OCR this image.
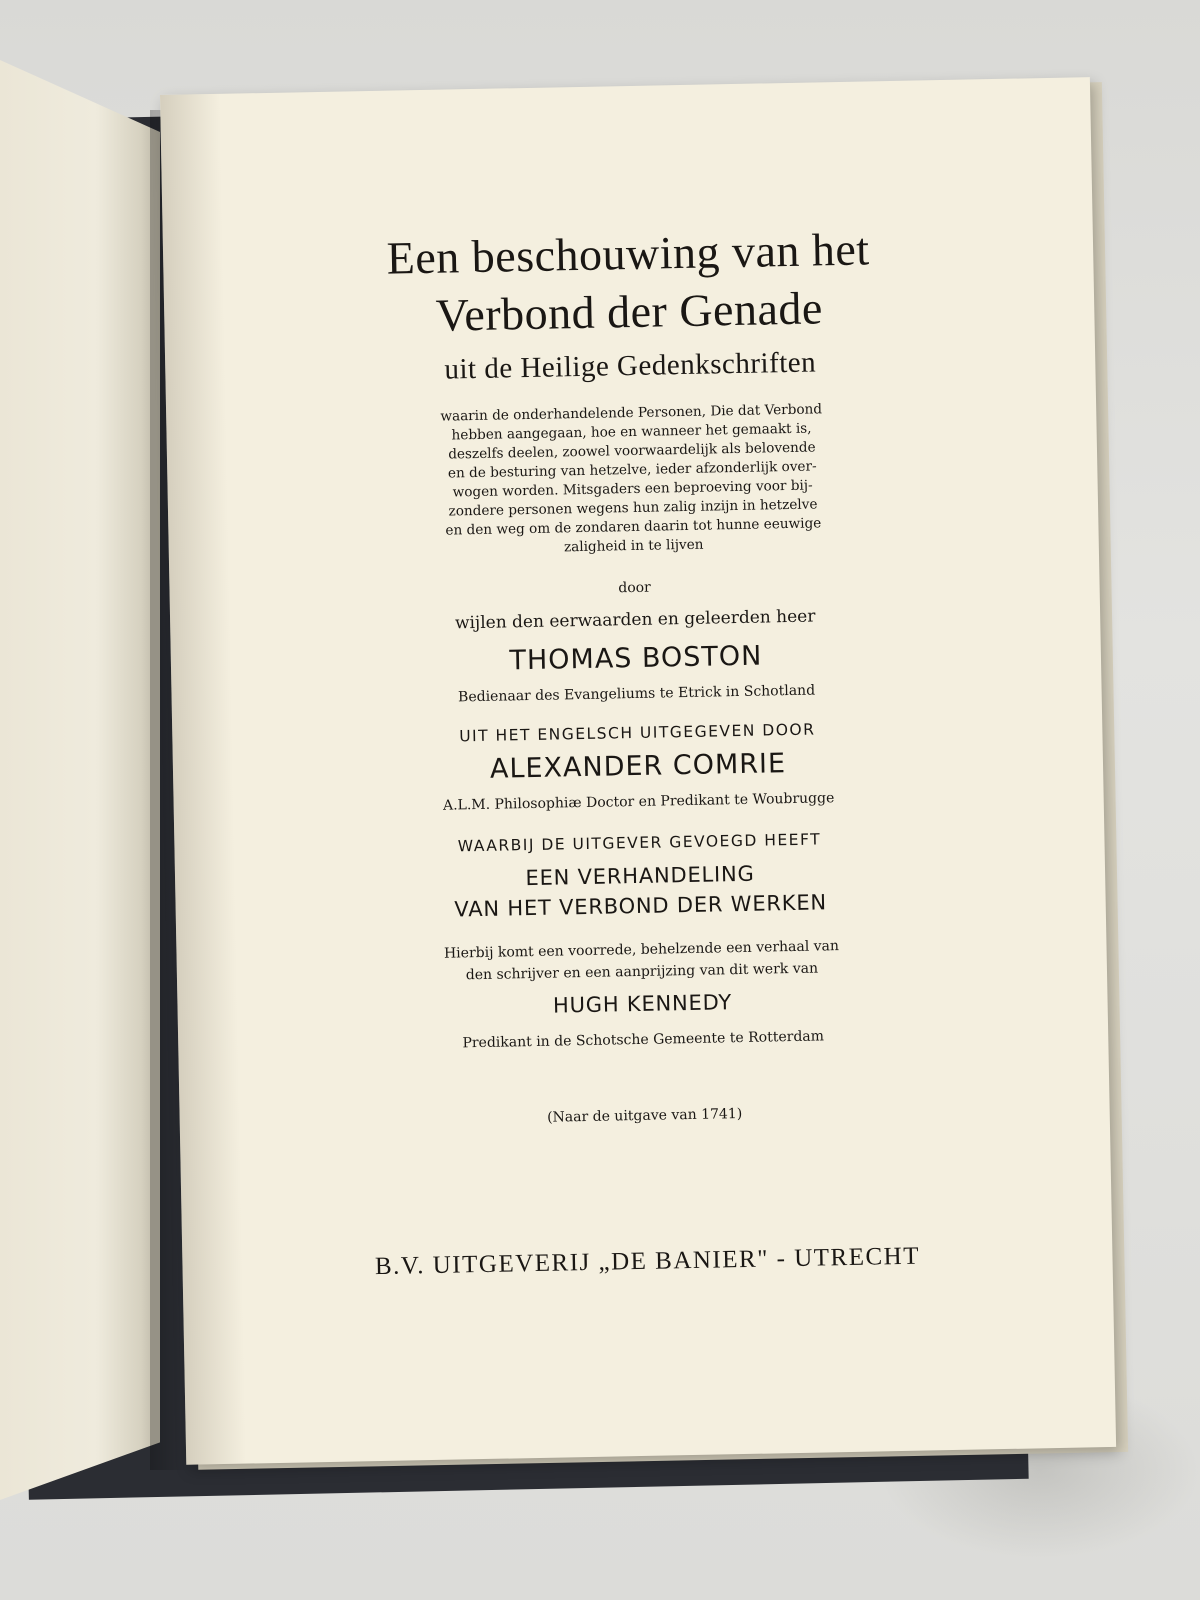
Een beschouwing van het
Verbond der Genade
uit de Heilige Gedenkschriften
waarin de onderhandelende Personen, Die dat Verbond
hebben aangegaan, hoe en wanneer het gemaakt is,
deszelfs deelen, zoowel voorwaardelijk als belovende
en de besturing van hetzelve, ieder afzonderlijk over-
wogen worden. Mitsgaders een beproeving voor bij-
zondere personen wegens hun zalig inzijn in hetzelve
en den weg om de zondaren daarin tot hunne eeuwige
zaligheid in te lijven
door
wijlen den eerwaarden en geleerden heer
THOMAS BOSTON
Bedienaar des Evangeliums te Etrick in Schotland
UIT HET ENGELSCH UITGEGEVEN DOOR
ALEXANDER COMRIE
A.L.M. Philosophiæ Doctor en Predikant te Woubrugge
WAARBIJ DE UITGEVER GEVOEGD HEEFT
EEN VERHANDELING
VAN HET VERBOND DER WERKEN
Hierbij komt een voorrede, behelzende een verhaal van
den schrijver en een aanprijzing van dit werk van
HUGH KENNEDY
Predikant in de Schotsche Gemeente te Rotterdam
(Naar de uitgave van 1741)
B.V. UITGEVERIJ „DE BANIER" - UTRECHT
